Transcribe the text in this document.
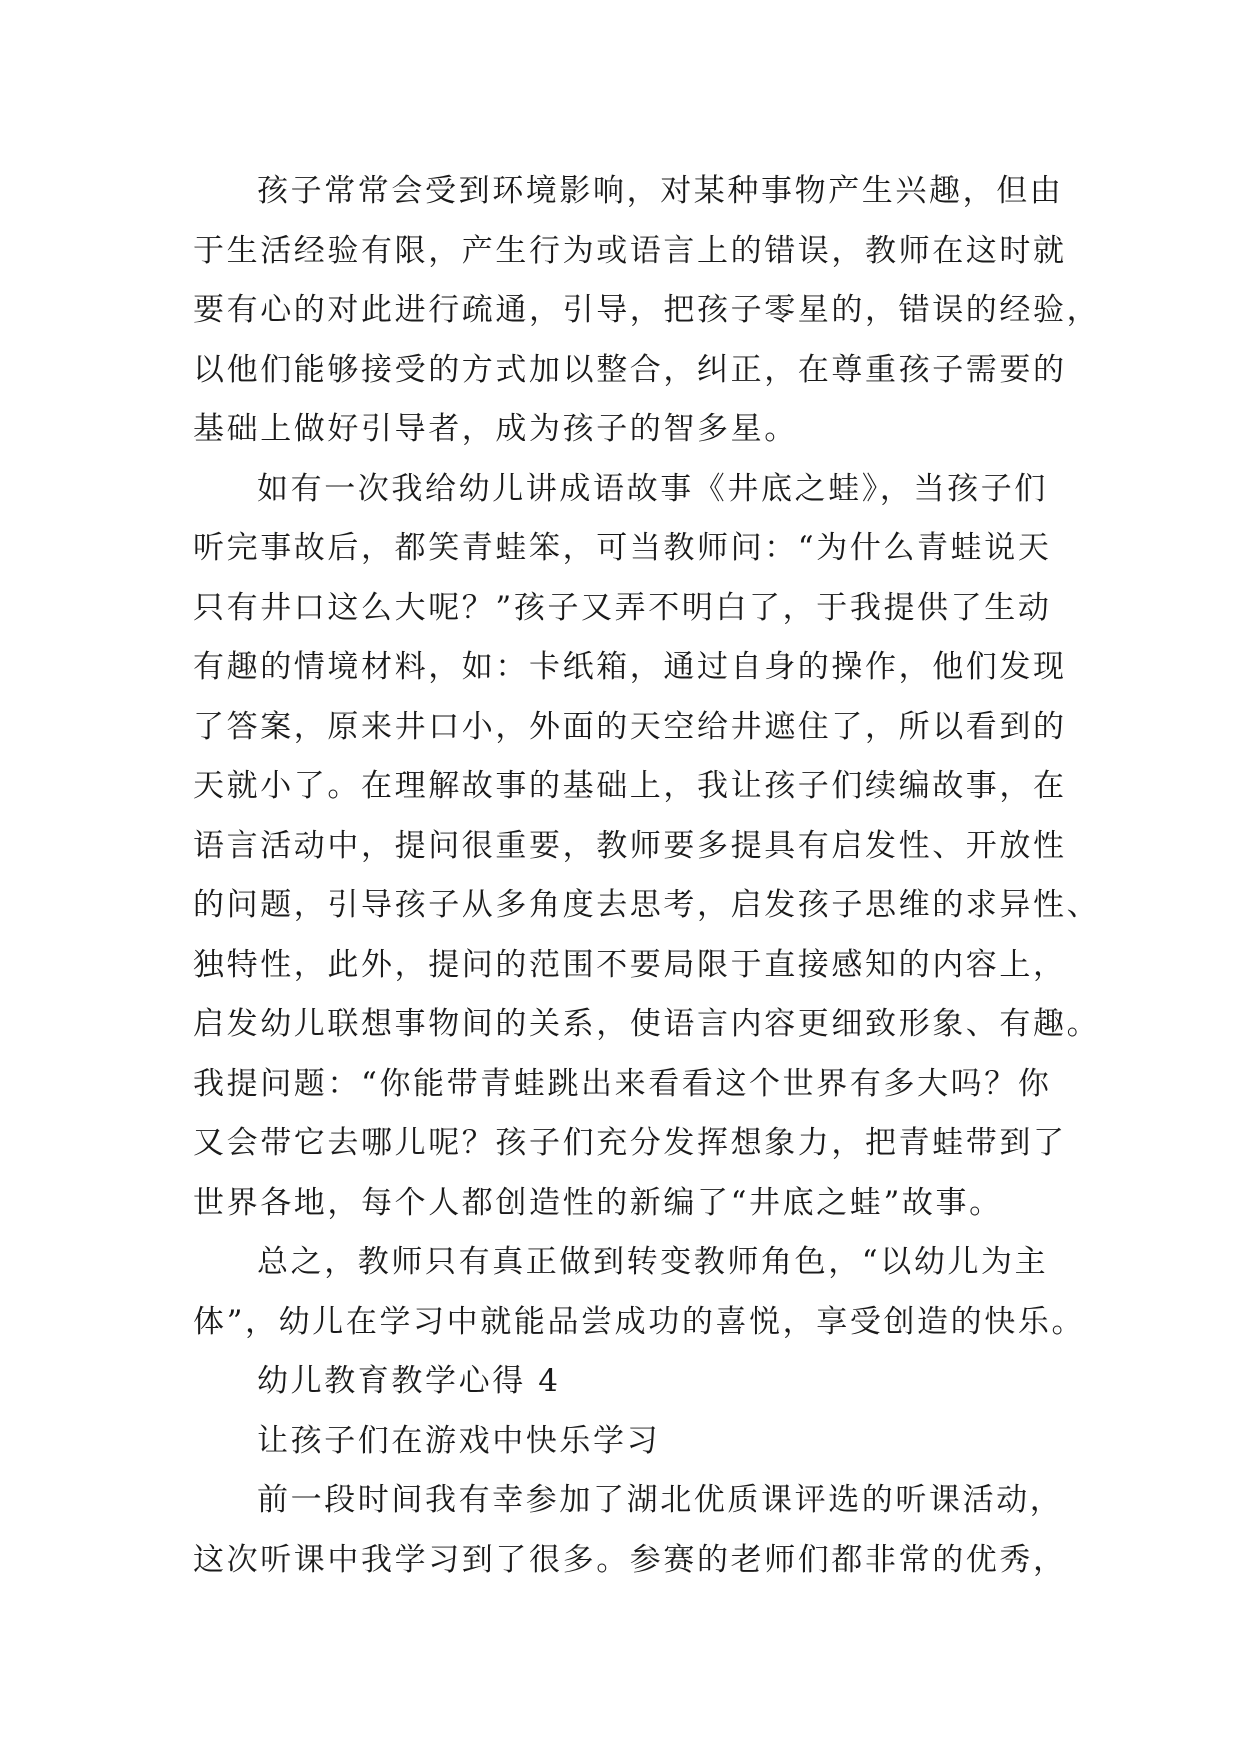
孩子常常会受到环境影响，对某种事物产生兴趣，但由
于生活经验有限，产生行为或语言上的错误，教师在这时就
要有心的对此进行疏通，引导，把孩子零星的，错误的经验，
以他们能够接受的方式加以整合，纠正，在尊重孩子需要的
基础上做好引导者，成为孩子的智多星。
如有一次我给幼儿讲成语故事《井底之蛙》，当孩子们
听完事故后，都笑青蛙笨，可当教师问：“为什么青蛙说天
只有井口这么大呢？”孩子又弄不明白了，于我提供了生动
有趣的情境材料，如：卡纸箱，通过自身的操作，他们发现
了答案，原来井口小，外面的天空给井遮住了，所以看到的
天就小了。在理解故事的基础上，我让孩子们续编故事，在
语言活动中，提问很重要，教师要多提具有启发性、开放性
的问题，引导孩子从多角度去思考，启发孩子思维的求异性、
独特性，此外，提问的范围不要局限于直接感知的内容上，
启发幼儿联想事物间的关系，使语言内容更细致形象、有趣。
我提问题：“你能带青蛙跳出来看看这个世界有多大吗？你
又会带它去哪儿呢？孩子们充分发挥想象力，把青蛙带到了
世界各地，每个人都创造性的新编了“井底之蛙”故事。
总之，教师只有真正做到转变教师角色，“以幼儿为主
体”，幼儿在学习中就能品尝成功的喜悦，享受创造的快乐。
幼儿教育教学心得 4
让孩子们在游戏中快乐学习
前一段时间我有幸参加了湖北优质课评选的听课活动，
这次听课中我学习到了很多。参赛的老师们都非常的优秀，
